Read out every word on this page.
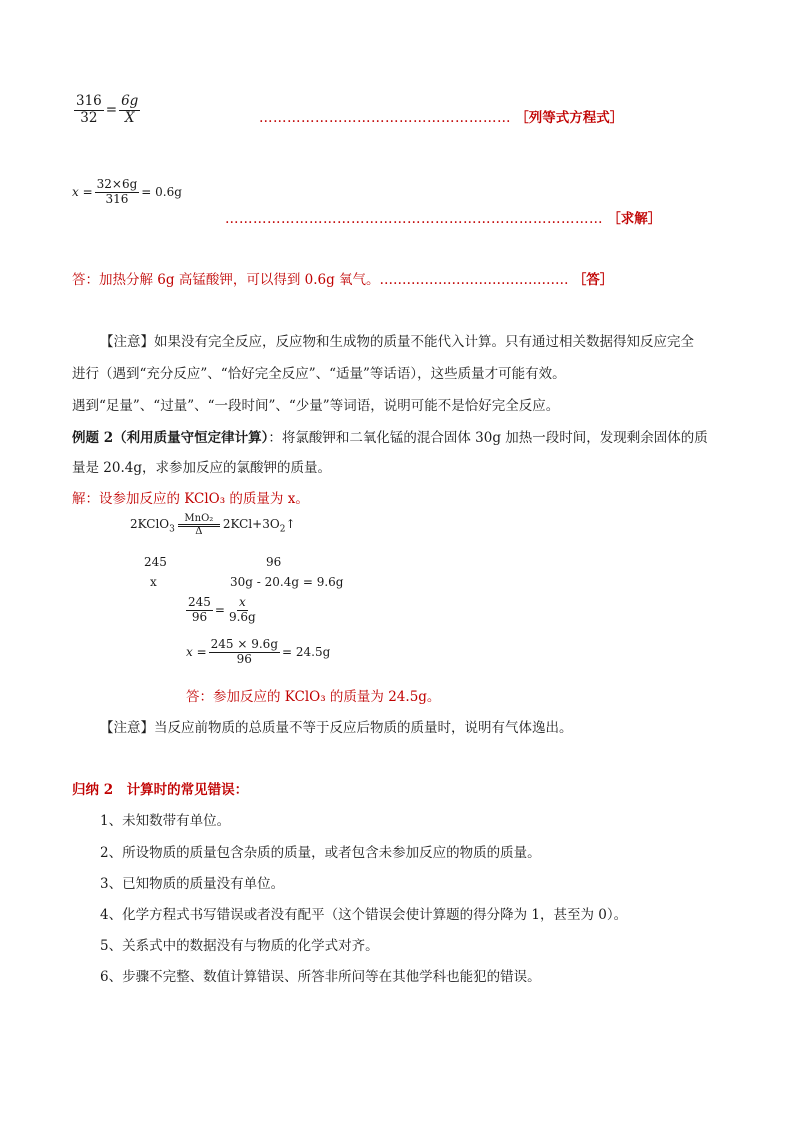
$\frac{316}{32} = \frac{6g}{X}$	……………………………………………… ［列等式方程式］
$x = \frac{32\times 6g}{316} = 0.6g$
……………………………………………………………………… ［求解］
答：加热分解 6g 高锰酸钾，可以得到 0.6g 氧气。…………………………………… ［答］
【注意】如果没有完全反应，反应物和生成物的质量不能代入计算。只有通过相关数据得知反应完全
进行（遇到“充分反应”、“恰好完全反应”、“适量”等话语），这些质量才可能有效。
遇到“足量”、“过量”、“一段时间”、“少量”等词语，说明可能不是恰好完全反应。
例题 2（利用质量守恒定律计算）：将氯酸钾和二氧化锰的混合固体 30g 加热一段时间，发现剩余固体的质
量是 20.4g，求参加反应的氯酸钾的质量。
解：设参加反应的 KClO₃ 的质量为 x。
2KClO$_3$
MnO₂
Δ
$2KCl+3O_2↑$
245	96
x	30g - 20.4g = 9.6g
$\frac{245}{96} = \frac{x}{9.6g}$
$x = \frac{245 \times 9.6g}{96} = 24.5g$
答：参加反应的 KClO₃ 的质量为 24.5g。
【注意】当反应前物质的总质量不等于反应后物质的质量时，说明有气体逸出。
归纳 2　计算时的常见错误：
1、未知数带有单位。
2、所设物质的质量包含杂质的质量，或者包含未参加反应的物质的质量。
3、已知物质的质量没有单位。
4、化学方程式书写错误或者没有配平（这个错误会使计算题的得分降为 1，甚至为 0）。
5、关系式中的数据没有与物质的化学式对齐。
6、步骤不完整、数值计算错误、所答非所问等在其他学科也能犯的错误。
